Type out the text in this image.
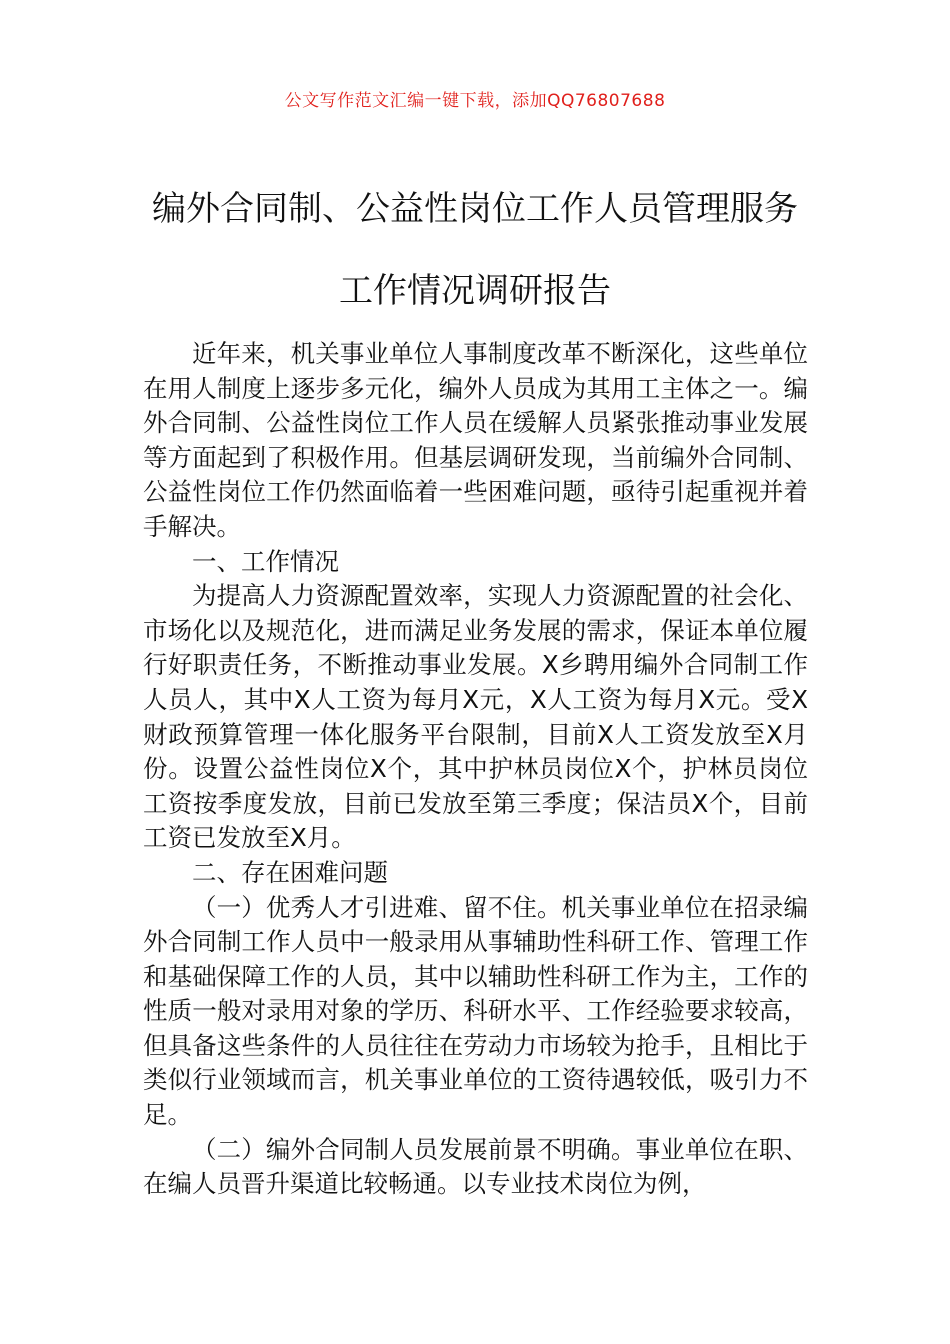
公文写作范文汇编一键下载，添加QQ76807688
编外合同制、公益性岗位工作人员管理服务工作情况调研报告

近年来，机关事业单位人事制度改革不断深化，这些单位在用人制度上逐步多元化，编外人员成为其用工主体之一。编外合同制、公益性岗位工作人员在缓解人员紧张推动事业发展等方面起到了积极作用。但基层调研发现，当前编外合同制、公益性岗位工作仍然面临着一些困难问题，亟待引起重视并着手解决。

一、工作情况

为提高人力资源配置效率，实现人力资源配置的社会化、市场化以及规范化，进而满足业务发展的需求，保证本单位履行好职责任务，不断推动事业发展。X乡聘用编外合同制工作人员人，其中X人工资为每月X元，X人工资为每月X元。受X财政预算管理一体化服务平台限制，目前X人工资发放至X月份。设置公益性岗位X个，其中护林员岗位X个，护林员岗位工资按季度发放，目前已发放至第三季度；保洁员X个，目前工资已发放至X月。

二、存在困难问题

（一）优秀人才引进难、留不住。机关事业单位在招录编外合同制工作人员中一般录用从事辅助性科研工作、管理工作和基础保障工作的人员，其中以辅助性科研工作为主，工作的性质一般对录用对象的学历、科研水平、工作经验要求较高，但具备这些条件的人员往往在劳动力市场较为抢手，且相比于类似行业领域而言，机关事业单位的工资待遇较低，吸引力不足。

（二）编外合同制人员发展前景不明确。事业单位在职、在编人员晋升渠道比较畅通。以专业技术岗位为例，
